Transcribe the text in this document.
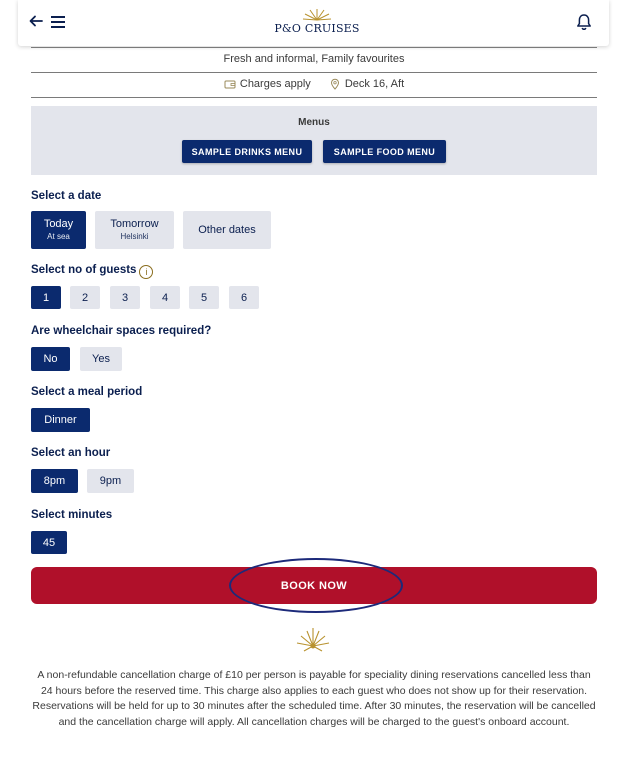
P&O CRUISES
Fresh and informal, Family favourites
Charges apply	Deck 16, Aft
Menus
SAMPLE DRINKS MENU	SAMPLE FOOD MENU
Select a date
Today
At sea
Tomorrow
Helsinki
Other dates
Select no of guests i
1	2	3	4	5	6
Are wheelchair spaces required?
No	Yes
Select a meal period
Dinner
Select an hour
8pm	9pm
Select minutes
45
BOOK NOW
A non-refundable cancellation charge of £10 per person is payable for speciality dining reservations cancelled less than 24 hours before the reserved time. This charge also applies to each guest who does not show up for their reservation. Reservations will be held for up to 30 minutes after the scheduled time. After 30 minutes, the reservation will be cancelled and the cancellation charge will apply. All cancellation charges will be charged to the guest's onboard account.
